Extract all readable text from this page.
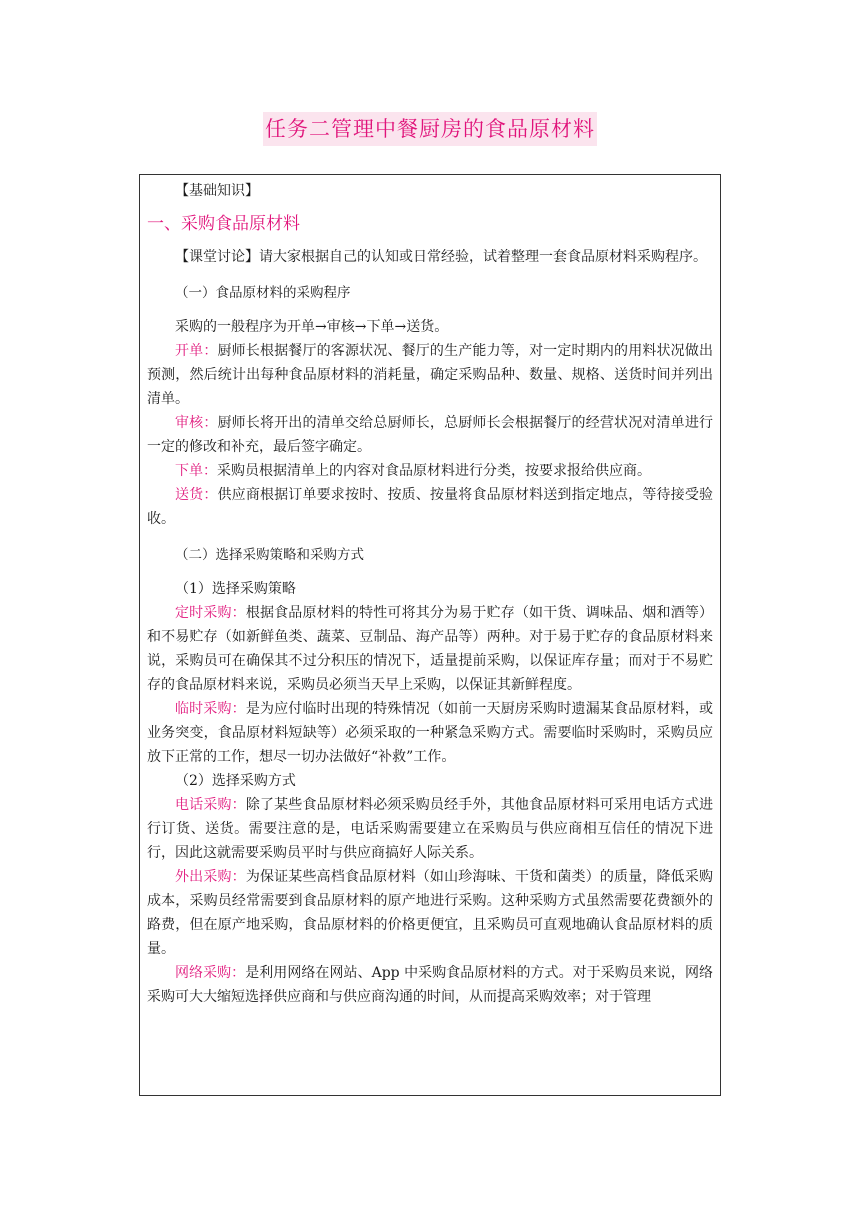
任务二管理中餐厨房的食品原材料

【基础知识】

一、采购食品原材料

【课堂讨论】请大家根据自己的认知或日常经验，试着整理一套食品原材料采购程序。

（一）食品原材料的采购程序

采购的一般程序为开单→审核→下单→送货。

开单：厨师长根据餐厅的客源状况、餐厅的生产能力等，对一定时期内的用料状况做出预测，然后统计出每种食品原材料的消耗量，确定采购品种、数量、规格、送货时间并列出清单。

审核：厨师长将开出的清单交给总厨师长，总厨师长会根据餐厅的经营状况对清单进行一定的修改和补充，最后签字确定。

下单：采购员根据清单上的内容对食品原材料进行分类，按要求报给供应商。

送货：供应商根据订单要求按时、按质、按量将食品原材料送到指定地点，等待接受验收。

（二）选择采购策略和采购方式

（1）选择采购策略

定时采购：根据食品原材料的特性可将其分为易于贮存（如干货、调味品、烟和酒等）和不易贮存（如新鲜鱼类、蔬菜、豆制品、海产品等）两种。对于易于贮存的食品原材料来说，采购员可在确保其不过分积压的情况下，适量提前采购，以保证库存量；而对于不易贮存的食品原材料来说，采购员必须当天早上采购，以保证其新鲜程度。

临时采购：是为应付临时出现的特殊情况（如前一天厨房采购时遗漏某食品原材料，或业务突变，食品原材料短缺等）必须采取的一种紧急采购方式。需要临时采购时，采购员应放下正常的工作，想尽一切办法做好“补救”工作。

（2）选择采购方式

电话采购：除了某些食品原材料必须采购员经手外，其他食品原材料可采用电话方式进行订货、送货。需要注意的是，电话采购需要建立在采购员与供应商相互信任的情况下进行，因此这就需要采购员平时与供应商搞好人际关系。

外出采购：为保证某些高档食品原材料（如山珍海味、干货和菌类）的质量，降低采购成本，采购员经常需要到食品原材料的原产地进行采购。这种采购方式虽然需要花费额外的路费，但在原产地采购，食品原材料的价格更便宜，且采购员可直观地确认食品原材料的质量。

网络采购：是利用网络在网站、App 中采购食品原材料的方式。对于采购员来说，网络采购可大大缩短选择供应商和与供应商沟通的时间，从而提高采购效率；对于管理
